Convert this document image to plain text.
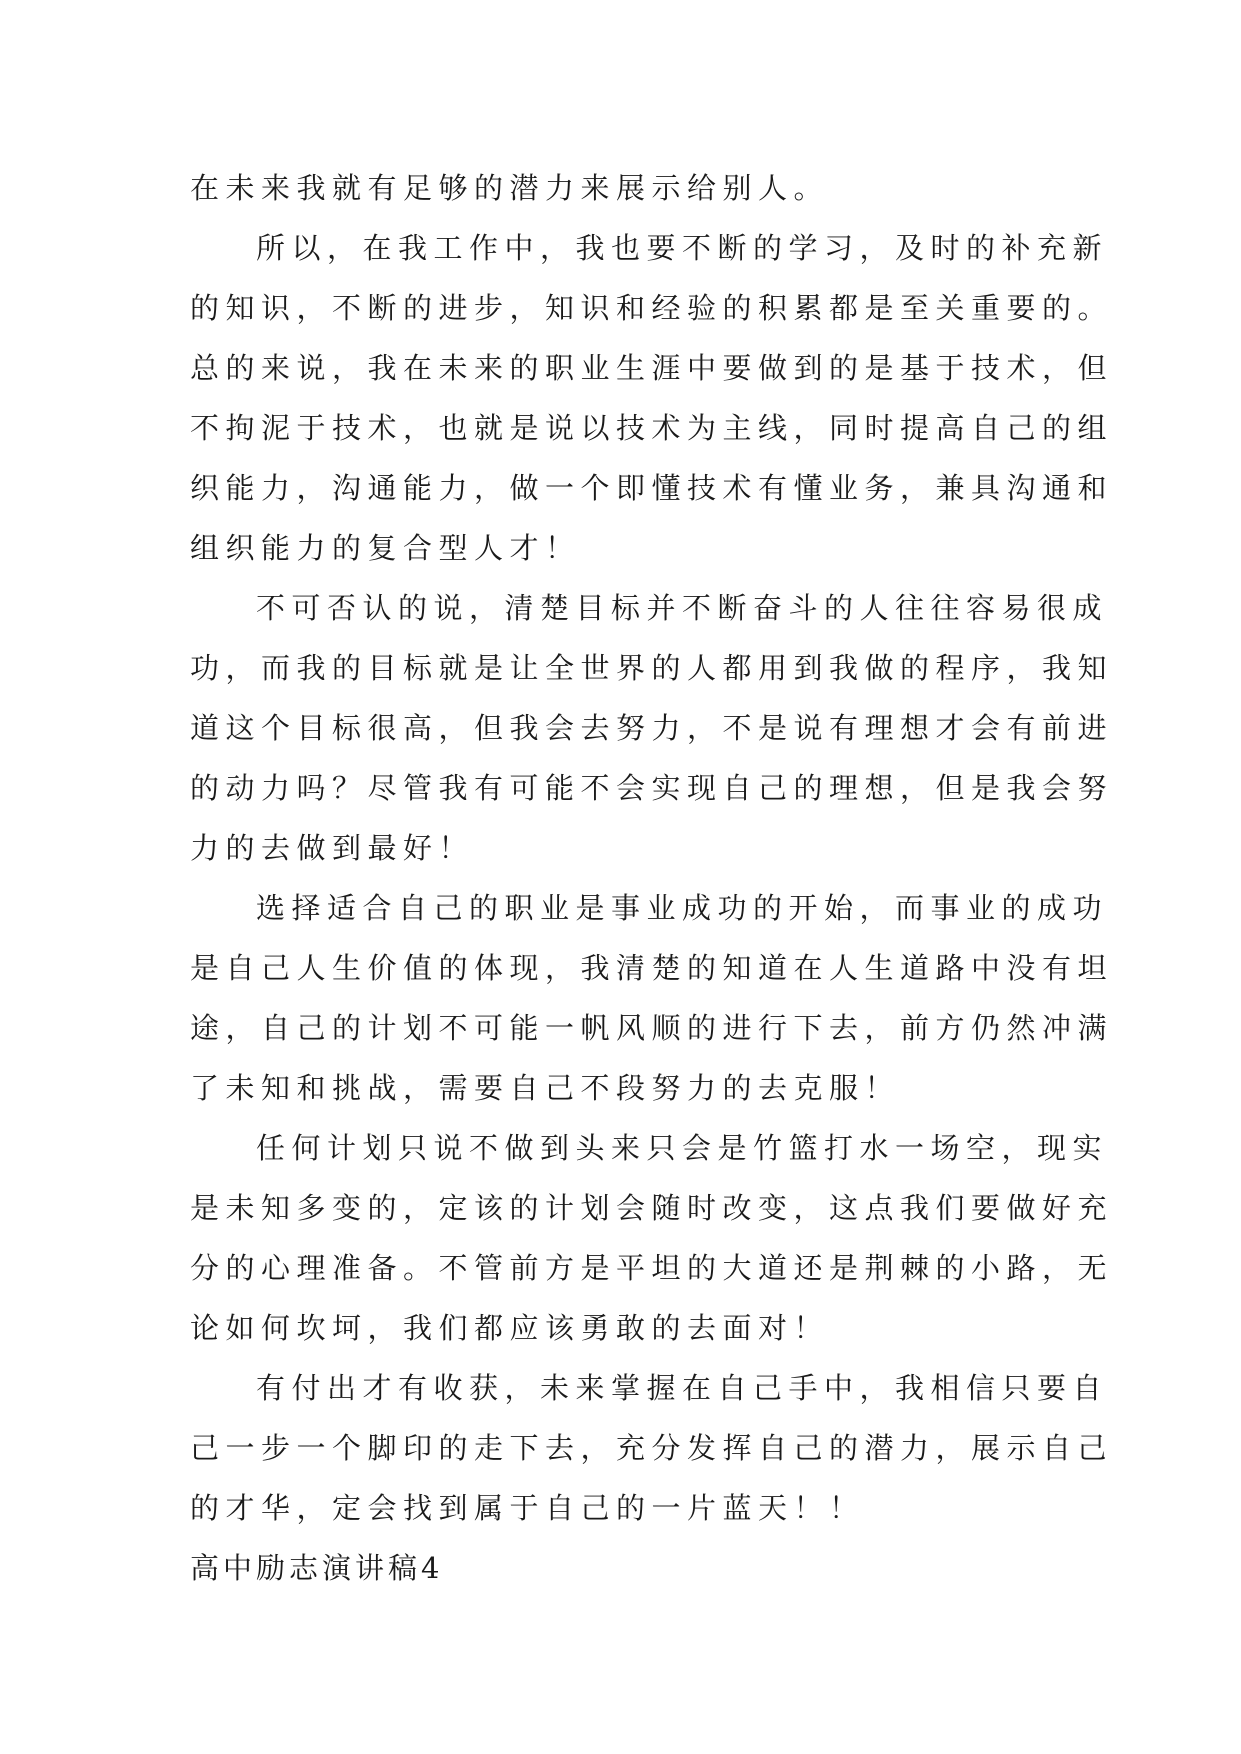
在未来我就有足够的潜力来展示给别人。
所以，在我工作中，我也要不断的学习，及时的补充新
的知识，不断的进步，知识和经验的积累都是至关重要的。
总的来说，我在未来的职业生涯中要做到的是基于技术，但
不拘泥于技术，也就是说以技术为主线，同时提高自己的组
织能力，沟通能力，做一个即懂技术有懂业务，兼具沟通和
组织能力的复合型人才！
不可否认的说，清楚目标并不断奋斗的人往往容易很成
功，而我的目标就是让全世界的人都用到我做的程序，我知
道这个目标很高，但我会去努力，不是说有理想才会有前进
的动力吗？尽管我有可能不会实现自己的理想，但是我会努
力的去做到最好！
选择适合自己的职业是事业成功的开始，而事业的成功
是自己人生价值的体现，我清楚的知道在人生道路中没有坦
途，自己的计划不可能一帆风顺的进行下去，前方仍然冲满
了未知和挑战，需要自己不段努力的去克服！
任何计划只说不做到头来只会是竹篮打水一场空，现实
是未知多变的，定该的计划会随时改变，这点我们要做好充
分的心理准备。不管前方是平坦的大道还是荆棘的小路，无
论如何坎坷，我们都应该勇敢的去面对！
有付出才有收获，未来掌握在自己手中，我相信只要自
己一步一个脚印的走下去，充分发挥自己的潜力，展示自己
的才华，定会找到属于自己的一片蓝天！！
高中励志演讲稿4
